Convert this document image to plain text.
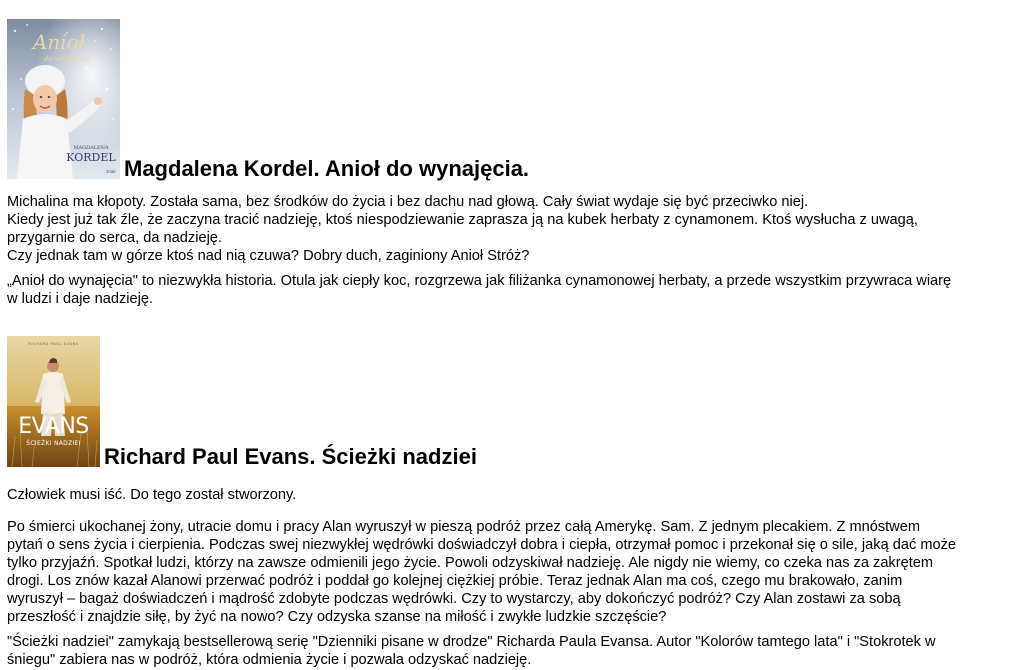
Anioł
do wynajęcia
MAGDALENA
KORDEL
znak Magdalena Kordel. Anioł do wynajęcia.

Michalina ma kłopoty. Została sama, bez środków do życia i bez dachu nad głową. Cały świat wydaje się być przeciwko niej.

Kiedy jest już tak źle, że zaczyna tracić nadzieję, ktoś niespodziewanie zaprasza ją na kubek herbaty z cynamonem. Ktoś wysłucha z uwagą,
przygarnie do serca, da nadzieję.

Czy jednak tam w górze ktoś nad nią czuwa? Dobry duch, zaginiony Anioł Stróż?

„Anioł do wynajęcia" to niezwykła historia. Otula jak ciepły koc, rozgrzewa jak filiżanka cynamonowej herbaty, a przede wszystkim przywraca wiarę
w ludzi i daje nadzieję.

RICHARD PAUL EVANS
EVANS
ŚCIEŻKI NADZIEI
Richard Paul Evans. Ścieżki nadziei

Człowiek musi iść. Do tego został stworzony.

Po śmierci ukochanej żony, utracie domu i pracy Alan wyruszył w pieszą podróż przez całą Amerykę. Sam. Z jednym plecakiem. Z mnóstwem
pytań o sens życia i cierpienia. Podczas swej niezwykłej wędrówki doświadczył dobra i ciepła, otrzymał pomoc i przekonał się o sile, jaką dać może
tylko przyjaźń. Spotkał ludzi, którzy na zawsze odmienili jego życie. Powoli odzyskiwał nadzieję. Ale nigdy nie wiemy, co czeka nas za zakrętem
drogi. Los znów kazał Alanowi przerwać podróż i poddał go kolejnej ciężkiej próbie. Teraz jednak Alan ma coś, czego mu brakowało, zanim
wyruszył – bagaż doświadczeń i mądrość zdobyte podczas wędrówki. Czy to wystarczy, aby dokończyć podróż? Czy Alan zostawi za sobą
przeszłość i znajdzie siłę, by żyć na nowo? Czy odzyska szanse na miłość i zwykłe ludzkie szczęście?

"Ścieżki nadziei" zamykają bestsellerową serię "Dzienniki pisane w drodze" Richarda Paula Evansa. Autor "Kolorów tamtego lata" i "Stokrotek w
śniegu" zabiera nas w podróż, która odmienia życie i pozwala odzyskać nadzieję.
